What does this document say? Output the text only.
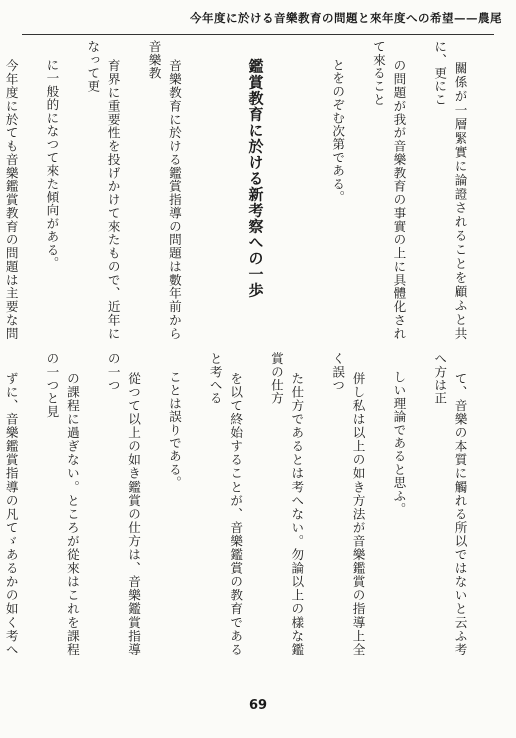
今年度に於ける音樂教育の問題と來年度への希望——農尾

關係が一層緊實に論證されることを顧ふと共に、更にこ

の問題が我が音樂教育の事實の上に具體化されて來ること

とをのぞむ次第である。

鑑賞教育に於ける新考察への一歩

音樂教育に於ける鑑賞指導の問題は數年前から音樂教

育界に重要性を投げかけて來たもので、近年になって更

に一般的になつて來た傾向がある。

今年度に於ても音樂鑑賞教育の問題は主要な問

て、音樂の本質に觸れる所以ではないと云ふ考へ方は正

しい理論であると思ふ。

併し私は以上の如き方法が音樂鑑賞の指導上全く誤つ

た仕方であるとは考へない。勿論以上の樣な鑑賞の仕方

を以て終始することが、音樂鑑賞の教育であると考へる

ことは誤りである。

從つて以上の如き鑑賞の仕方は、音樂鑑賞指導の一つ

の課程に過ぎない。ところが從來はこれを課程の一つと見

ずに、音樂鑑賞指導の凡てゞあるかの如く考へ

69
